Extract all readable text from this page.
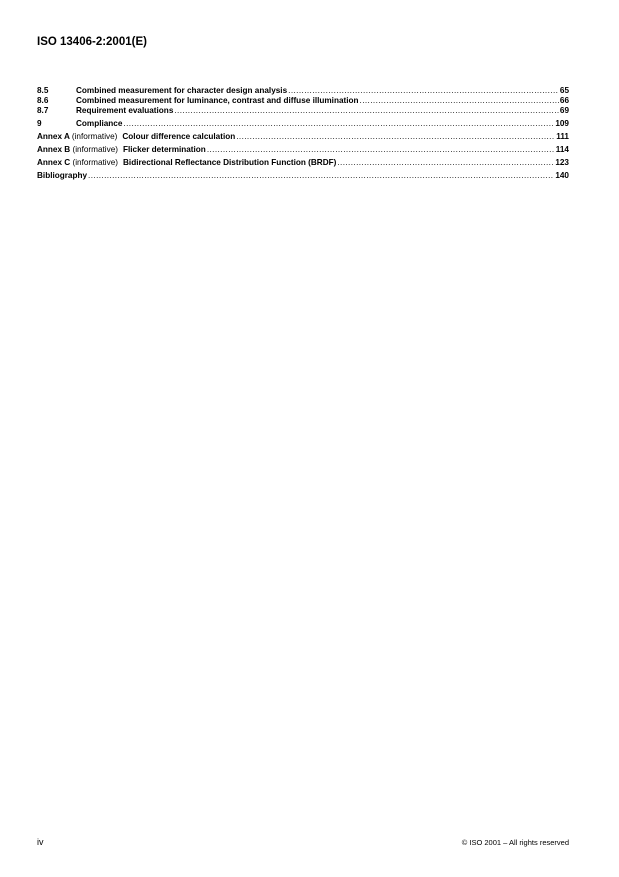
ISO 13406-2:2001(E)
8.5	Combined measurement for character design analysis .....	65
8.6	Combined measurement for luminance, contrast and diffuse illumination .....	66
8.7	Requirement evaluations .....	69
9	Compliance .....	109
Annex A (informative) Colour difference calculation .....	111
Annex B (informative) Flicker determination .....	114
Annex C (informative) Bidirectional Reflectance Distribution Function (BRDF) .....	123
Bibliography .....	140
iv	© ISO 2001 – All rights reserved
